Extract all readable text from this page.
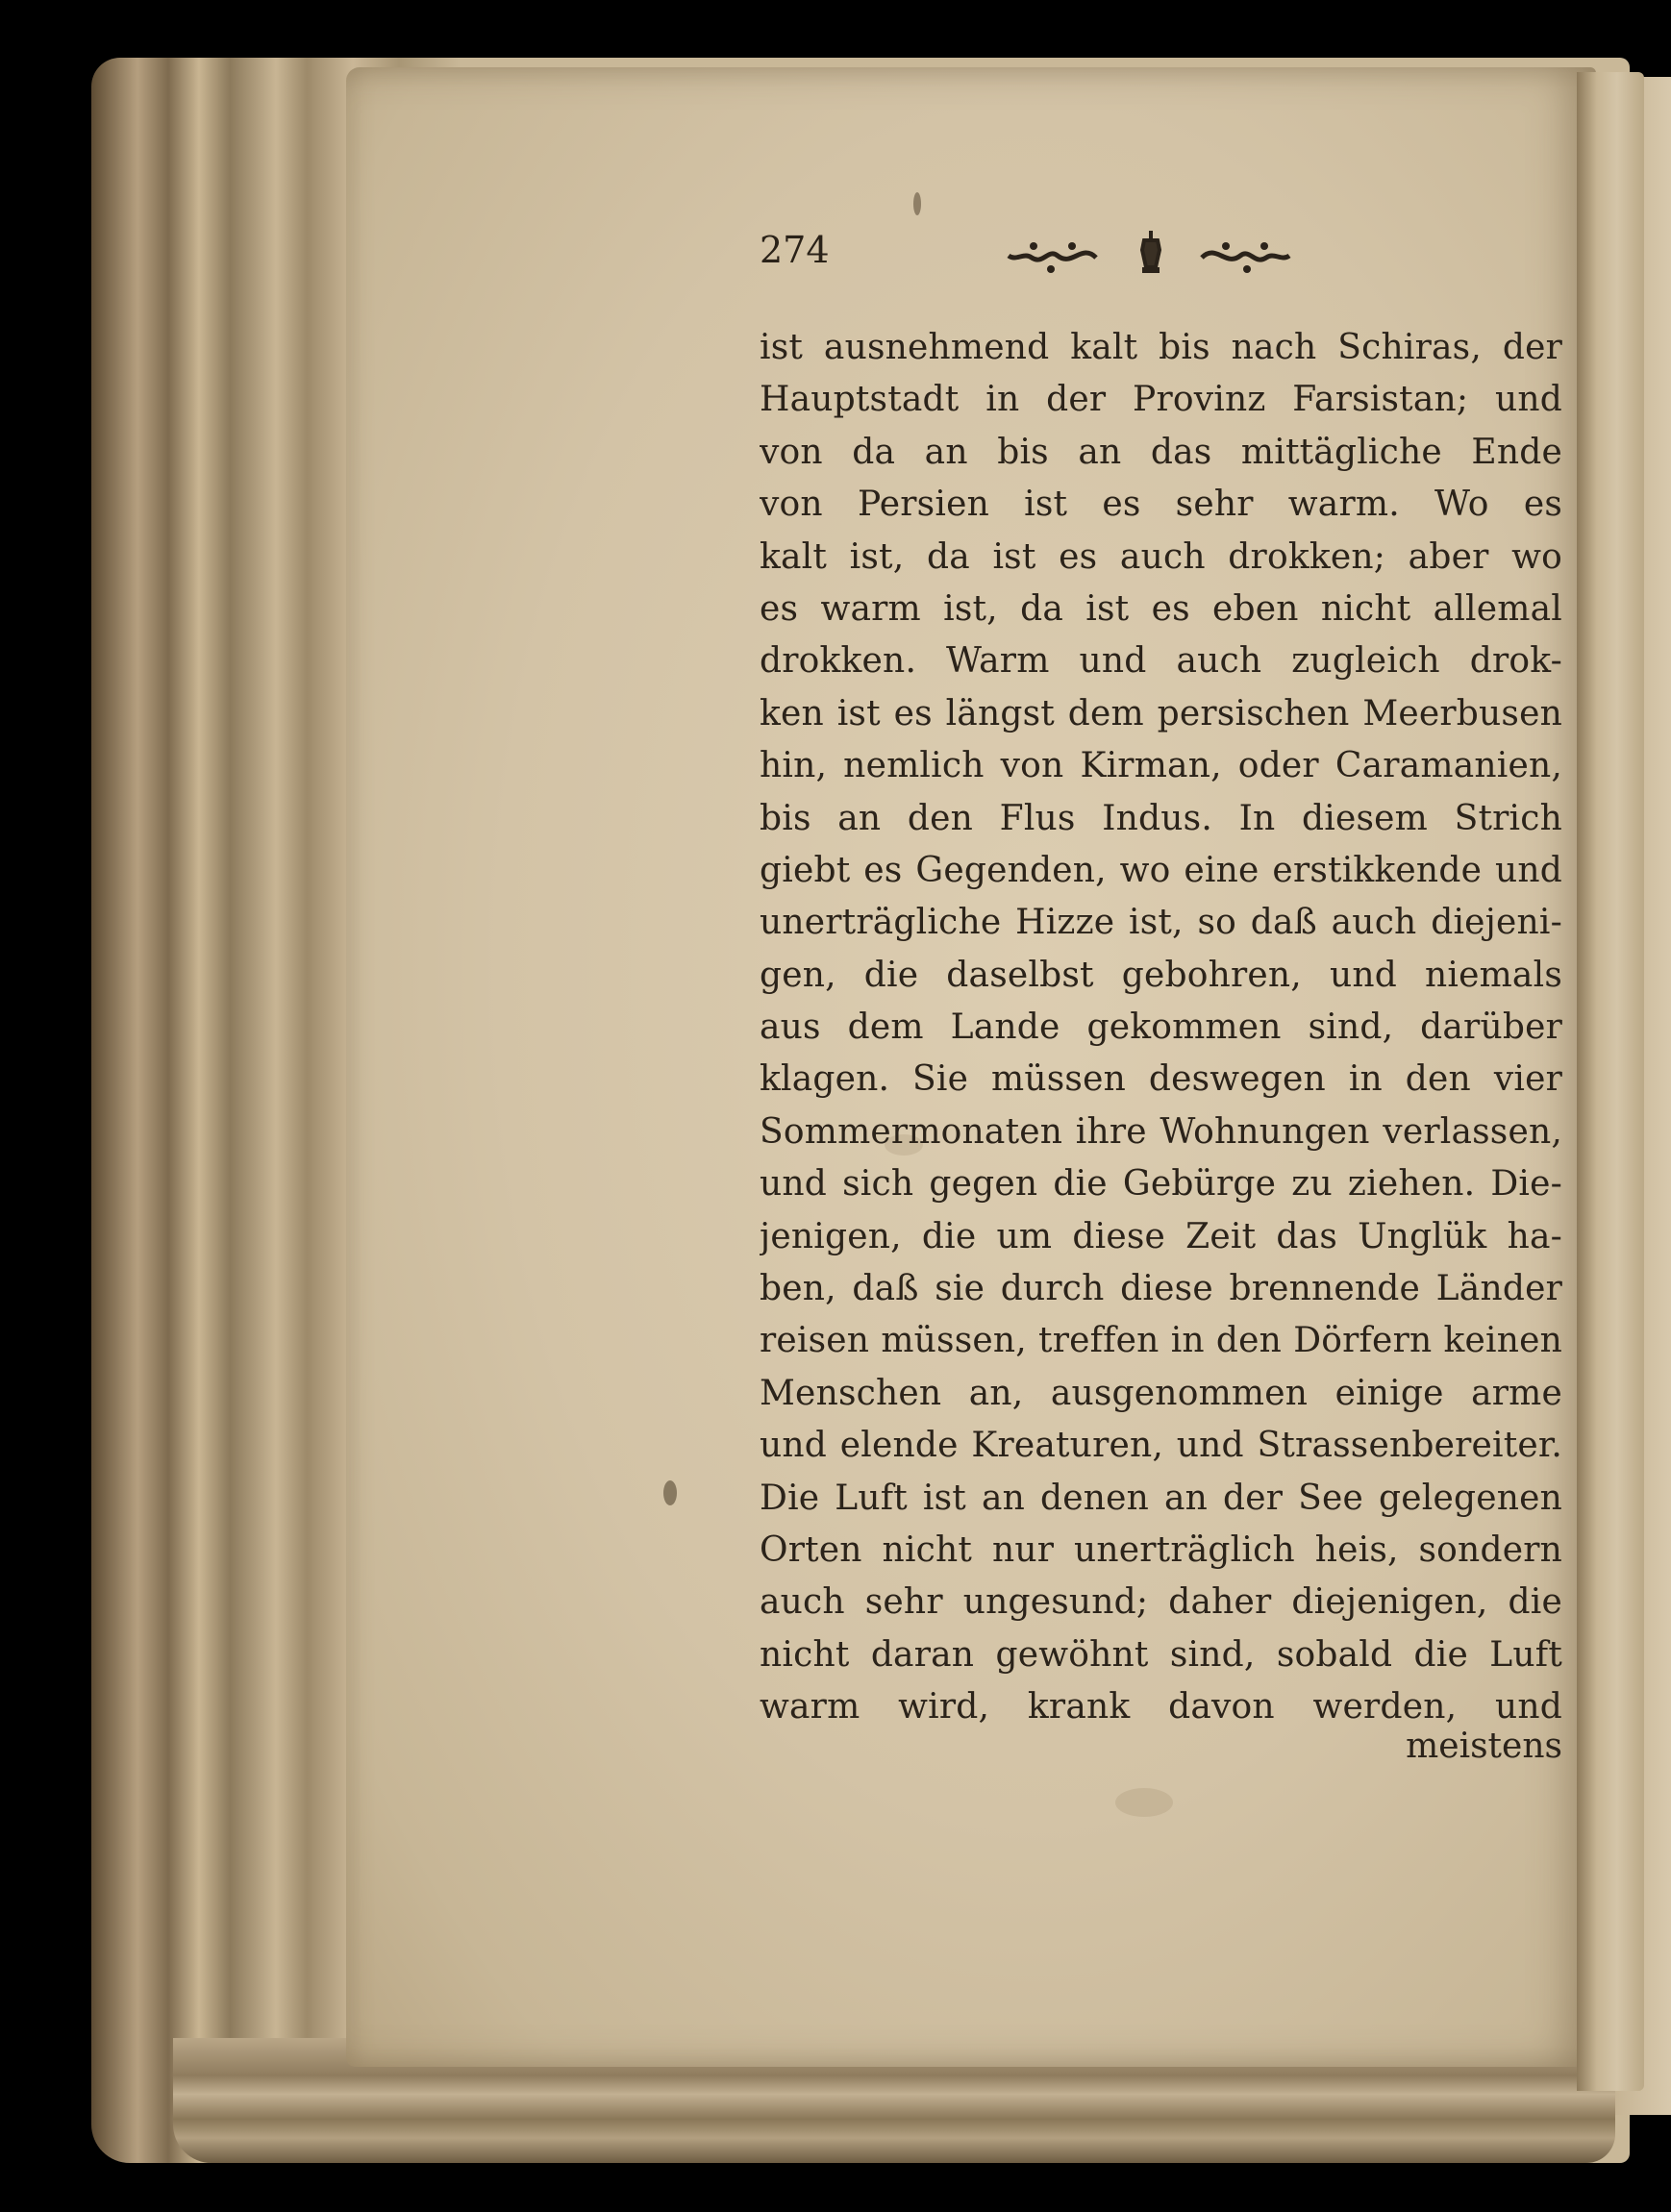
274
ist ausnehmend kalt bis nach Schiras, der
Hauptstadt in der Provinz Farsistan; und
von da an bis an das mittägliche Ende
von Persien ist es sehr warm. Wo es
kalt ist, da ist es auch drokken; aber wo
es warm ist, da ist es eben nicht allemal
drokken. Warm und auch zugleich drok-
ken ist es längst dem persischen Meerbusen
hin, nemlich von Kirman, oder Caramanien,
bis an den Flus Indus. In diesem Strich
giebt es Gegenden, wo eine erstikkende und
unerträgliche Hizze ist, so daß auch diejeni-
gen, die daselbst gebohren, und niemals
aus dem Lande gekommen sind, darüber
klagen. Sie müssen deswegen in den vier
Sommermonaten ihre Wohnungen verlassen,
und sich gegen die Gebürge zu ziehen. Die-
jenigen, die um diese Zeit das Unglük ha-
ben, daß sie durch diese brennende Länder
reisen müssen, treffen in den Dörfern keinen
Menschen an, ausgenommen einige arme
und elende Kreaturen, und Strassenbereiter.
Die Luft ist an denen an der See gelegenen
Orten nicht nur unerträglich heis, sondern
auch sehr ungesund; daher diejenigen, die
nicht daran gewöhnt sind, sobald die Luft
warm wird, krank davon werden, und
meistens
